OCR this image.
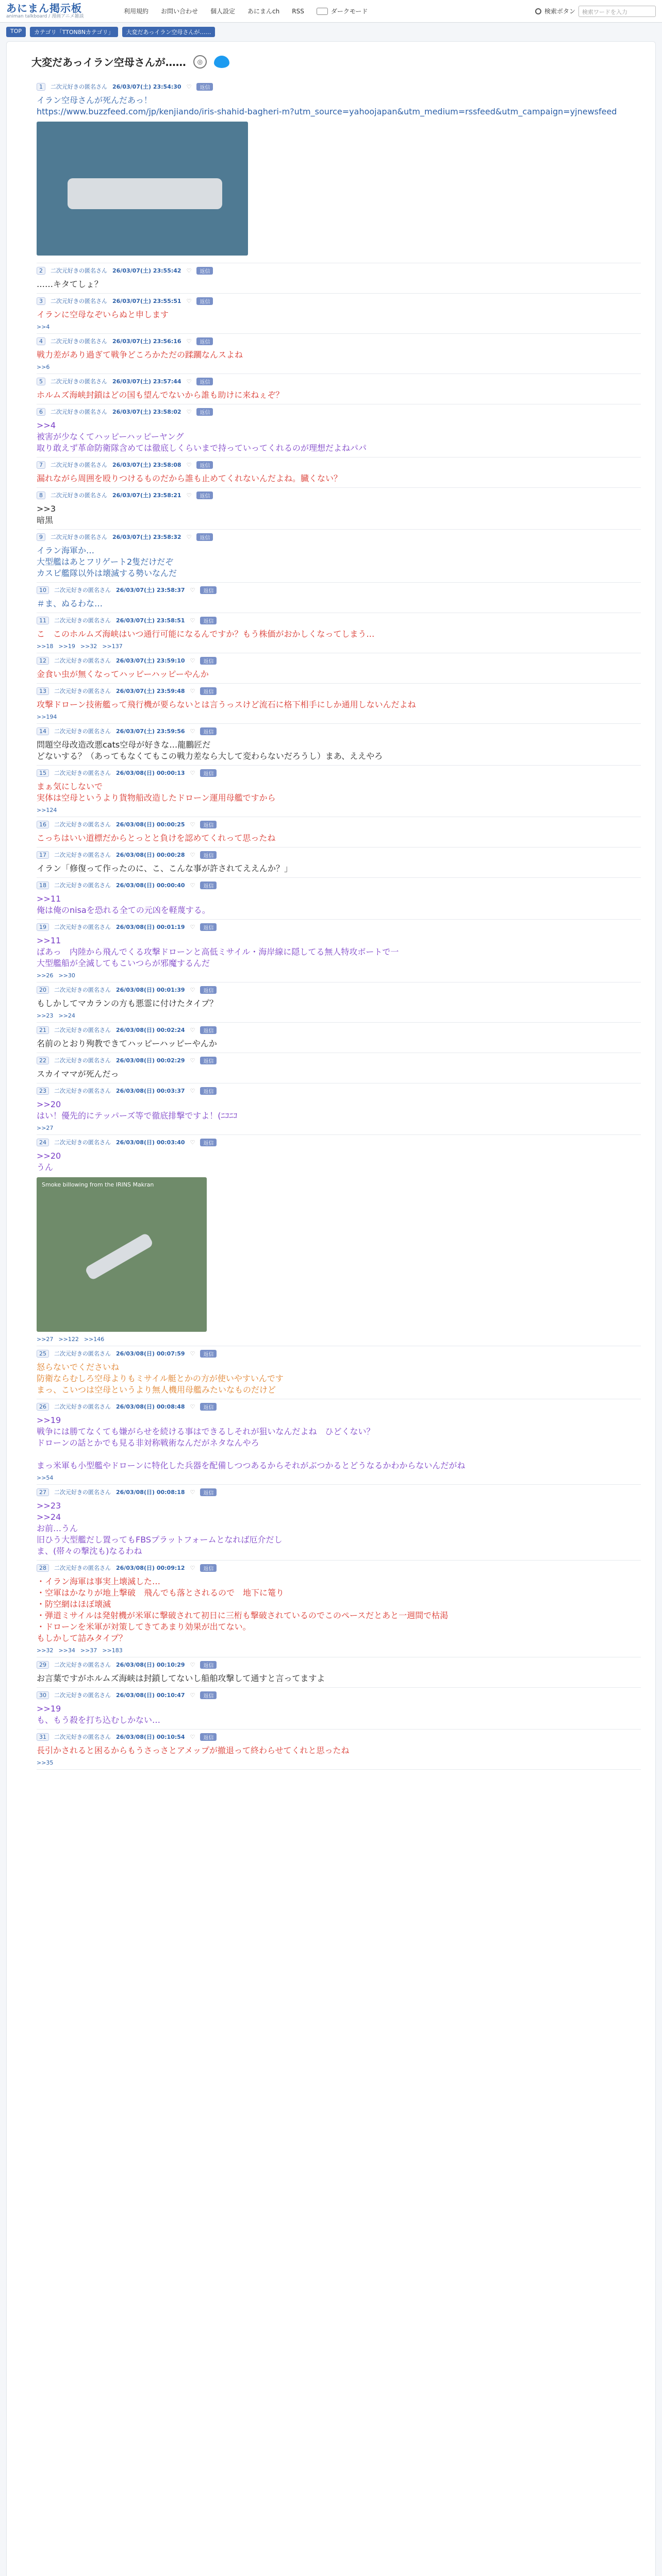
あにまん掲示板
animan talkboard / 漫画アニメ雑談
利用規約 お問い合わせ 個人設定 あにまんch RSS	ダークモード	検索ボタン	検索ワードを入力
TOP	カテゴリ「TTON8Nカテゴリ」	大変だあっイラン空母さんが……
大変だあっイラン空母さんが……	◎
1	二次元好きの匿名さん 26/03/07(土) 23:54:30 ♡	返信
イラン空母さんが死んだあっ！
https://www.buzzfeed.com/jp/kenjiando/iris-shahid-bagheri-m?utm_source=yahoojapan&utm_medium=rssfeed&utm_campaign=yjnewsfeed
2	二次元好きの匿名さん 26/03/07(土) 23:55:42 ♡	返信
……キタてしょ？
3	二次元好きの匿名さん 26/03/07(土) 23:55:51 ♡	返信
イランに空母なぞいらぬと申します
>>4
4	二次元好きの匿名さん 26/03/07(土) 23:56:16 ♡	返信
戦力差があり過ぎて戦争どころかただの蹂躙なんスよね
>>6
5	二次元好きの匿名さん 26/03/07(土) 23:57:44 ♡	返信
ホルムズ海峡封鎖はどの国も望んでないから誰も助けに来ねぇぞ？
6	二次元好きの匿名さん 26/03/07(土) 23:58:02 ♡	返信
>>4
被害が少なくてハッピーハッピーヤング
取り敢えず革命防衛隊含めては徹底しくらいまで持っていってくれるのが理想だよねパパ
7	二次元好きの匿名さん 26/03/07(土) 23:58:08 ♡	返信
漏れながら周囲を殴りつけるものだから誰も止めてくれないんだよね。臓くない？
8	二次元好きの匿名さん 26/03/07(土) 23:58:21 ♡	返信
>>3
暗黒
9	二次元好きの匿名さん 26/03/07(土) 23:58:32 ♡	返信
イラン海軍か…
大型艦はあとフリゲート2隻だけだぞ
カスピ艦隊以外は壊滅する勢いなんだ
10	二次元好きの匿名さん 26/03/07(土) 23:58:37 ♡	返信
＃ま、ぬるわな…
11	二次元好きの匿名さん 26/03/07(土) 23:58:51 ♡	返信
こ　このホルムズ海峡はいつ通行可能になるんですか？もう株価がおかしくなってしまう…
>>18 >>19 >>32 >>137
12	二次元好きの匿名さん 26/03/07(土) 23:59:10 ♡	返信
金食い虫が無くなってハッピーハッピーやんか
13	二次元好きの匿名さん 26/03/07(土) 23:59:48 ♡	返信
攻撃ドローン技術艦って飛行機が要らないとは言うっスけど流石に格下相手にしか通用しないんだよね
>>194
14	二次元好きの匿名さん 26/03/07(土) 23:59:56 ♡	返信
問題空母改造改悪cats空母が好きな…龍鵬匠だ
どないする？（あってもなくてもこの戦力差なら大して変わらないだろうし）まあ、ええやろ
15	二次元好きの匿名さん 26/03/08(日) 00:00:13 ♡	返信
まぁ気にしないで
実体は空母というより貨物船改造したドローン運用母艦ですから
>>124
16	二次元好きの匿名さん 26/03/08(日) 00:00:25 ♡	返信
こっちはいい道標だからとっとと負けを認めてくれって思ったね
17	二次元好きの匿名さん 26/03/08(日) 00:00:28 ♡	返信
イラン「修復って作ったのに、こ、こんな事が許されてええんか？」
18	二次元好きの匿名さん 26/03/08(日) 00:00:40 ♡	返信
>>11
俺は俺のnisaを恐れる全ての元凶を軽蔑する。
19	二次元好きの匿名さん 26/03/08(日) 00:01:19 ♡	返信
>>11
ばあっ　内陸から飛んでくる攻撃ドローンと高低ミサイル・海岸線に隠してる無人特攻ボートで一
大型艦船が全滅してもこいつらが邪魔するんだ
>>26 >>30
20	二次元好きの匿名さん 26/03/08(日) 00:01:39 ♡	返信
もしかしてマカランの方も悪霊に付けたタイプ？
>>23 >>24
21	二次元好きの匿名さん 26/03/08(日) 00:02:24 ♡	返信
名前のとおり殉教できてハッピーハッピーやんか
22	二次元好きの匿名さん 26/03/08(日) 00:02:29 ♡	返信
スカイママが死んだっ
23	二次元好きの匿名さん 26/03/08(日) 00:03:37 ♡	返信
>>20
はい！優先的にテッパーズ等で徹底排撃ですよ！(ﾆｺﾆｺ
>>27
24	二次元好きの匿名さん 26/03/08(日) 00:03:40 ♡	返信
>>20
うん
Smoke billowing from the IRINS Makran
>>27 >>122 >>146
25	二次元好きの匿名さん 26/03/08(日) 00:07:59 ♡	返信
怒らないでくださいね
防衛ならむしろ空母よりもミサイル艇とかの方が使いやすいんです
まっ、こいつは空母というより無人機用母艦みたいなものだけど
26	二次元好きの匿名さん 26/03/08(日) 00:08:48 ♡	返信
>>19
戦争には勝てなくても嫌がらせを続ける事はできるしそれが狙いなんだよね　ひどくない？
ドローンの話とかでも見る非対称戦術なんだがネタなんやろ

まっ米軍も小型艦やドローンに特化した兵器を配備しつつあるからそれがぶつかるとどうなるかわからないんだがね
>>54
27	二次元好きの匿名さん 26/03/08(日) 00:08:18 ♡	返信
>>23
>>24
お前…うん
旧ひう大型艦だし置ってもFBSプラットフォームとなれば厄介だし
ま、(帯々の撃沈も)なるわね
28	二次元好きの匿名さん 26/03/08(日) 00:09:12 ♡	返信
・イラン海軍は事実上壊滅した…
・空軍はかなりが地上撃破　飛んでも落とされるので　地下に篭り
・防空網はほぼ壊滅
・弾道ミサイルは発射機が米軍に撃破されて初日に三桁も撃破されているのでこのペースだとあと一週間で枯渇
・ドローンを米軍が対策してきてあまり効果が出てない。
もしかして詰みタイプ？
>>32 >>34 >>37 >>183
29	二次元好きの匿名さん 26/03/08(日) 00:10:29 ♡	返信
お言葉ですがホルムズ海峡は封鎖してないし船舶攻撃して通すと言ってますよ
30	二次元好きの匿名さん 26/03/08(日) 00:10:47 ♡	返信
>>19
も、もう殺を打ち込むしかない…
31	二次元好きの匿名さん 26/03/08(日) 00:10:54 ♡	返信
長引かされると困るからもうさっさとアメップが撤退って終わらせてくれと思ったね
>>35
